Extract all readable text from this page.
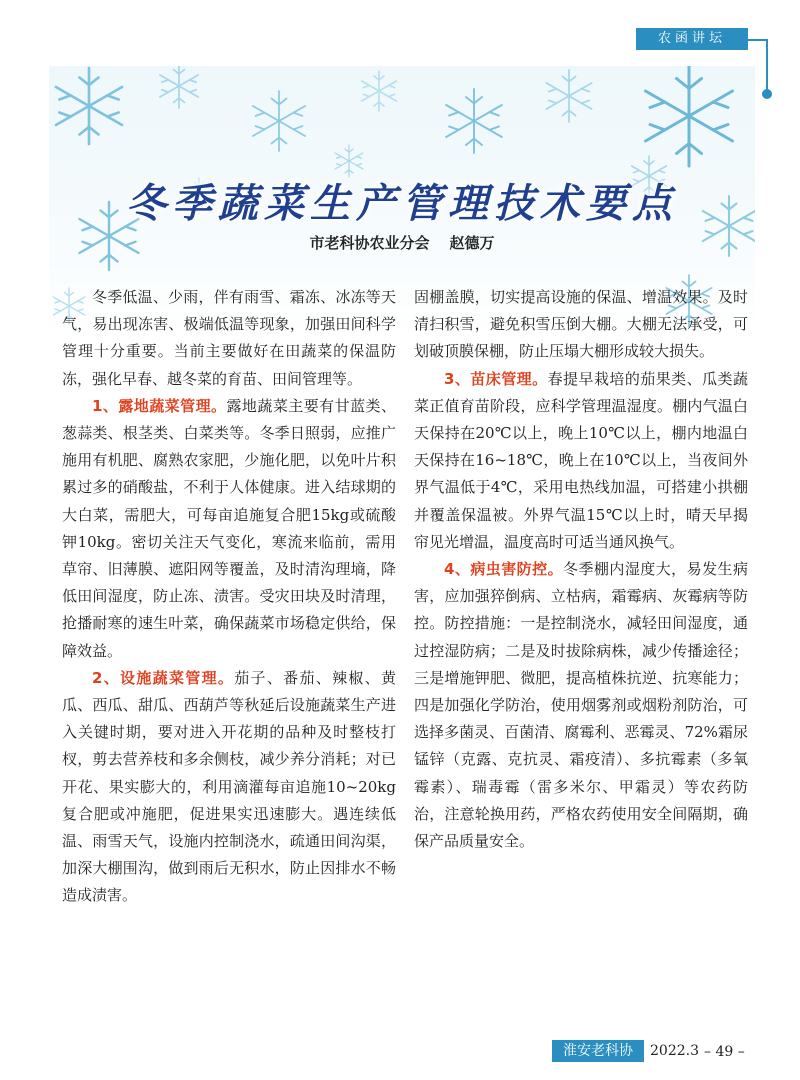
农函讲坛
冬季蔬菜生产管理技术要点
市老科协农业分会 赵德万

冬季低温、少雨，伴有雨雪、霜冻、冰冻等天气，易出现冻害、极端低温等现象，加强田间科学管理十分重要。当前主要做好在田蔬菜的保温防冻，强化早春、越冬菜的育苗、田间管理等。

1、露地蔬菜管理。露地蔬菜主要有甘蓝类、葱蒜类、根茎类、白菜类等。冬季日照弱，应推广施用有机肥、腐熟农家肥，少施化肥，以免叶片积累过多的硝酸盐，不利于人体健康。进入结球期的大白菜，需肥大，可每亩追施复合肥15kg或硫酸钾10kg。密切关注天气变化，寒流来临前，需用草帘、旧薄膜、遮阳网等覆盖，及时清沟理墒，降低田间湿度，防止冻、渍害。受灾田块及时清理，抢播耐寒的速生叶菜，确保蔬菜市场稳定供给，保障效益。

2、设施蔬菜管理。茄子、番茄、辣椒、黄瓜、西瓜、甜瓜、西葫芦等秋延后设施蔬菜生产进入关键时期，要对进入开花期的品种及时整枝打杈，剪去营养枝和多余侧枝，减少养分消耗；对已开花、果实膨大的，利用滴灌每亩追施10~20kg复合肥或冲施肥，促进果实迅速膨大。遇连续低温、雨雪天气，设施内控制浇水，疏通田间沟渠，加深大棚围沟，做到雨后无积水，防止因排水不畅造成渍害。

固棚盖膜，切实提高设施的保温、增温效果。及时清扫积雪，避免积雪压倒大棚。大棚无法承受，可划破顶膜保棚，防止压塌大棚形成较大损失。

3、苗床管理。春提早栽培的茄果类、瓜类蔬菜正值育苗阶段，应科学管理温湿度。棚内气温白天保持在20℃以上，晚上10℃以上，棚内地温白天保持在16~18℃，晚上在10℃以上，当夜间外界气温低于4℃，采用电热线加温，可搭建小拱棚并覆盖保温被。外界气温15℃以上时，晴天早揭帘见光增温，温度高时可适当通风换气。

4、病虫害防控。冬季棚内湿度大，易发生病害，应加强猝倒病、立枯病，霜霉病、灰霉病等防控。防控措施：一是控制浇水，减轻田间湿度，通过控湿防病；二是及时拔除病株，减少传播途径；三是增施钾肥、微肥，提高植株抗逆、抗寒能力；四是加强化学防治，使用烟雾剂或烟粉剂防治，可选择多菌灵、百菌清、腐霉利、恶霉灵、72%霜尿锰锌（克露、克抗灵、霜疫清）、多抗霉素（多氧霉素）、瑞毒霉（雷多米尔、甲霜灵）等农药防治，注意轮换用药，严格农药使用安全间隔期，确保产品质量安全。

淮安老科协	2022.3 – 49 –
